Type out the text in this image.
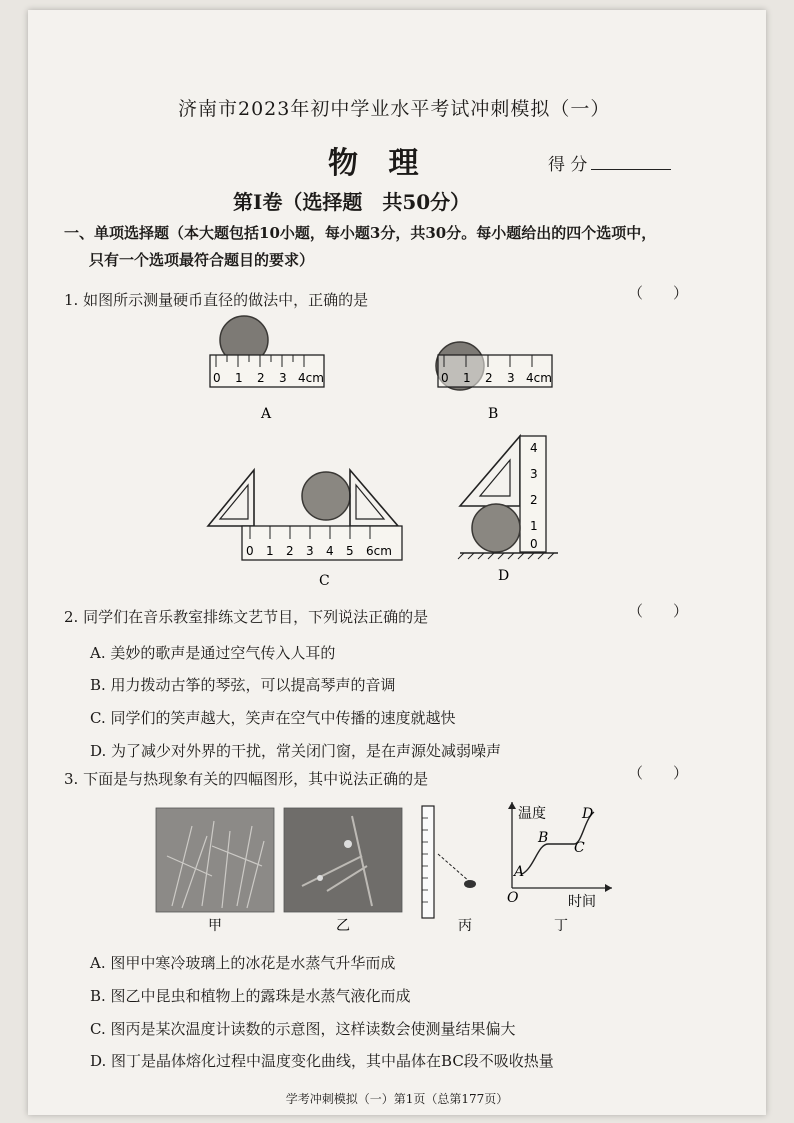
济南市2023年初中学业水平考试冲刺模拟（一）
物 理	得 分
第Ⅰ卷（选择题　共50分）
一、单项选择题（本大题包括10小题，每小题3分，共30分。每小题给出的四个选项中，
只有一个选项最符合题目的要求）
1. 如图所示测量硬币直径的做法中，正确的是	（　　）
0 1 2 3 4cm	0 1 2 3 4cm
A	B
0 1 2 3 4 5 6cm
C
4
3
2
1
0
D
2. 同学们在音乐教室排练文艺节目，下列说法正确的是	（　　）
A. 美妙的歌声是通过空气传入人耳的
B. 用力拨动古筝的琴弦，可以提高琴声的音调
C. 同学们的笑声越大，笑声在空气中传播的速度就越快
D. 为了减少对外界的干扰，常关闭门窗，是在声源处减弱噪声
3. 下面是与热现象有关的四幅图形，其中说法正确的是	（　　）
温度
时间
O
A
B
C
D
甲	乙	丙	丁
A. 图甲中寒冷玻璃上的冰花是水蒸气升华而成
B. 图乙中昆虫和植物上的露珠是水蒸气液化而成
C. 图丙是某次温度计读数的示意图，这样读数会使测量结果偏大
D. 图丁是晶体熔化过程中温度变化曲线，其中晶体在BC段不吸收热量
学考冲刺模拟（一）第1页（总第177页）
